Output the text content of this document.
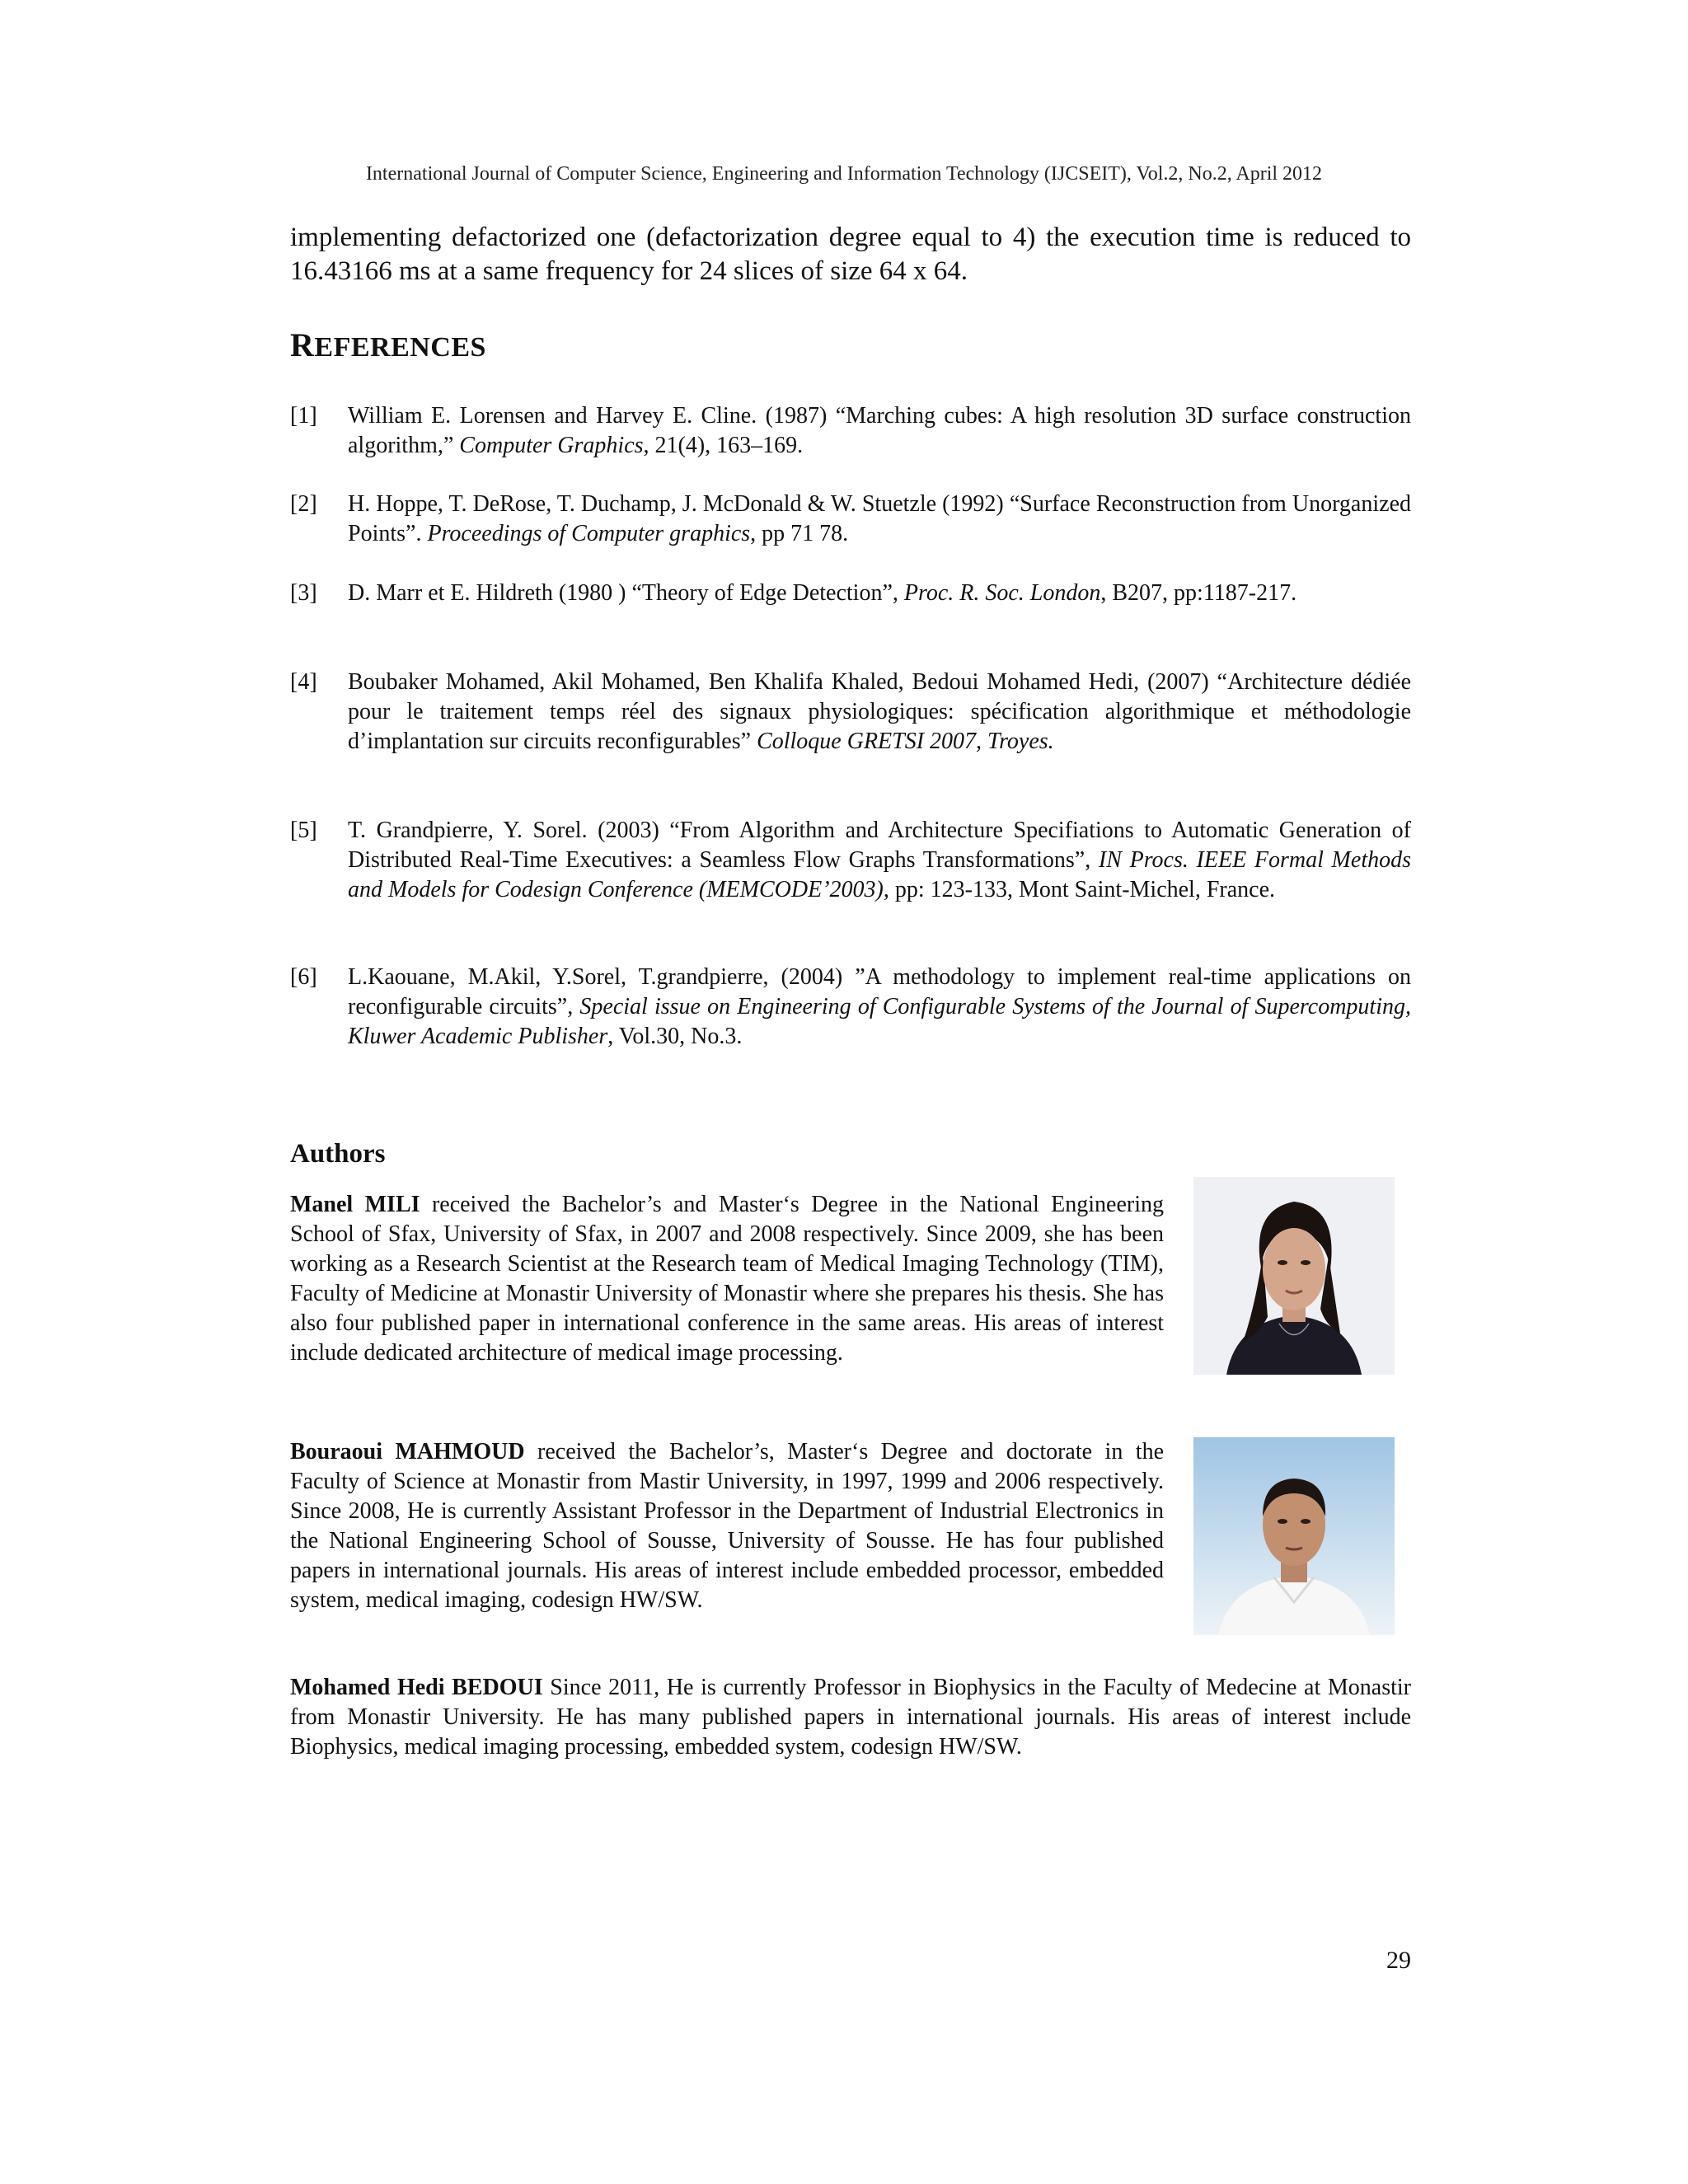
International Journal of Computer Science, Engineering and Information Technology (IJCSEIT), Vol.2, No.2, April 2012

implementing defactorized one (defactorization degree equal to 4) the execution time is reduced to 16.43166 ms at a same frequency for 24 slices of size 64 x 64.

REFERENCES
[1] William E. Lorensen and Harvey E. Cline. (1987) “Marching cubes: A high resolution 3D surface construction algorithm,” Computer Graphics, 21(4), 163–169.
[2] H. Hoppe, T. DeRose, T. Duchamp, J. McDonald & W. Stuetzle (1992) “Surface Reconstruction from Unorganized Points”. Proceedings of Computer graphics, pp 71 78.
[3] D. Marr et E. Hildreth (1980 ) “Theory of Edge Detection”, Proc. R. Soc. London, B207, pp:1187-217.
[4] Boubaker Mohamed, Akil Mohamed, Ben Khalifa Khaled, Bedoui Mohamed Hedi, (2007) “Architecture dédiée pour le traitement temps réel des signaux physiologiques: spécification algorithmique et méthodologie d’implantation sur circuits reconfigurables” Colloque GRETSI 2007, Troyes.
[5] T. Grandpierre, Y. Sorel. (2003) “From Algorithm and Architecture Specifiations to Automatic Generation of Distributed Real-Time Executives: a Seamless Flow Graphs Transformations”, IN Procs. IEEE Formal Methods and Models for Codesign Conference (MEMCODE’2003), pp: 123-133, Mont Saint-Michel, France.
[6] L.Kaouane, M.Akil, Y.Sorel, T.grandpierre, (2004) ”A methodology to implement real-time applications on reconfigurable circuits”, Special issue on Engineering of Configurable Systems of the Journal of Supercomputing, Kluwer Academic Publisher, Vol.30, No.3.
Authors

Manel MILI received the Bachelor’s and Master‘s Degree in the National Engineering School of Sfax, University of Sfax, in 2007 and 2008 respectively. Since 2009, she has been working as a Research Scientist at the Research team of Medical Imaging Technology (TIM), Faculty of Medicine at Monastir University of Monastir where she prepares his thesis. She has also four published paper in international conference in the same areas. His areas of interest include dedicated architecture of medical image processing.

Bouraoui MAHMOUD received the Bachelor’s, Master‘s Degree and doctorate in the Faculty of Science at Monastir from Mastir University, in 1997, 1999 and 2006 respectively. Since 2008, He is currently Assistant Professor in the Department of Industrial Electronics in the National Engineering School of Sousse, University of Sousse. He has four published papers in international journals. His areas of interest include embedded processor, embedded system, medical imaging, codesign HW/SW.

Mohamed Hedi BEDOUI Since 2011, He is currently Professor in Biophysics in the Faculty of Medecine at Monastir from Monastir University. He has many published papers in international journals. His areas of interest include Biophysics, medical imaging processing, embedded system, codesign HW/SW.

29
